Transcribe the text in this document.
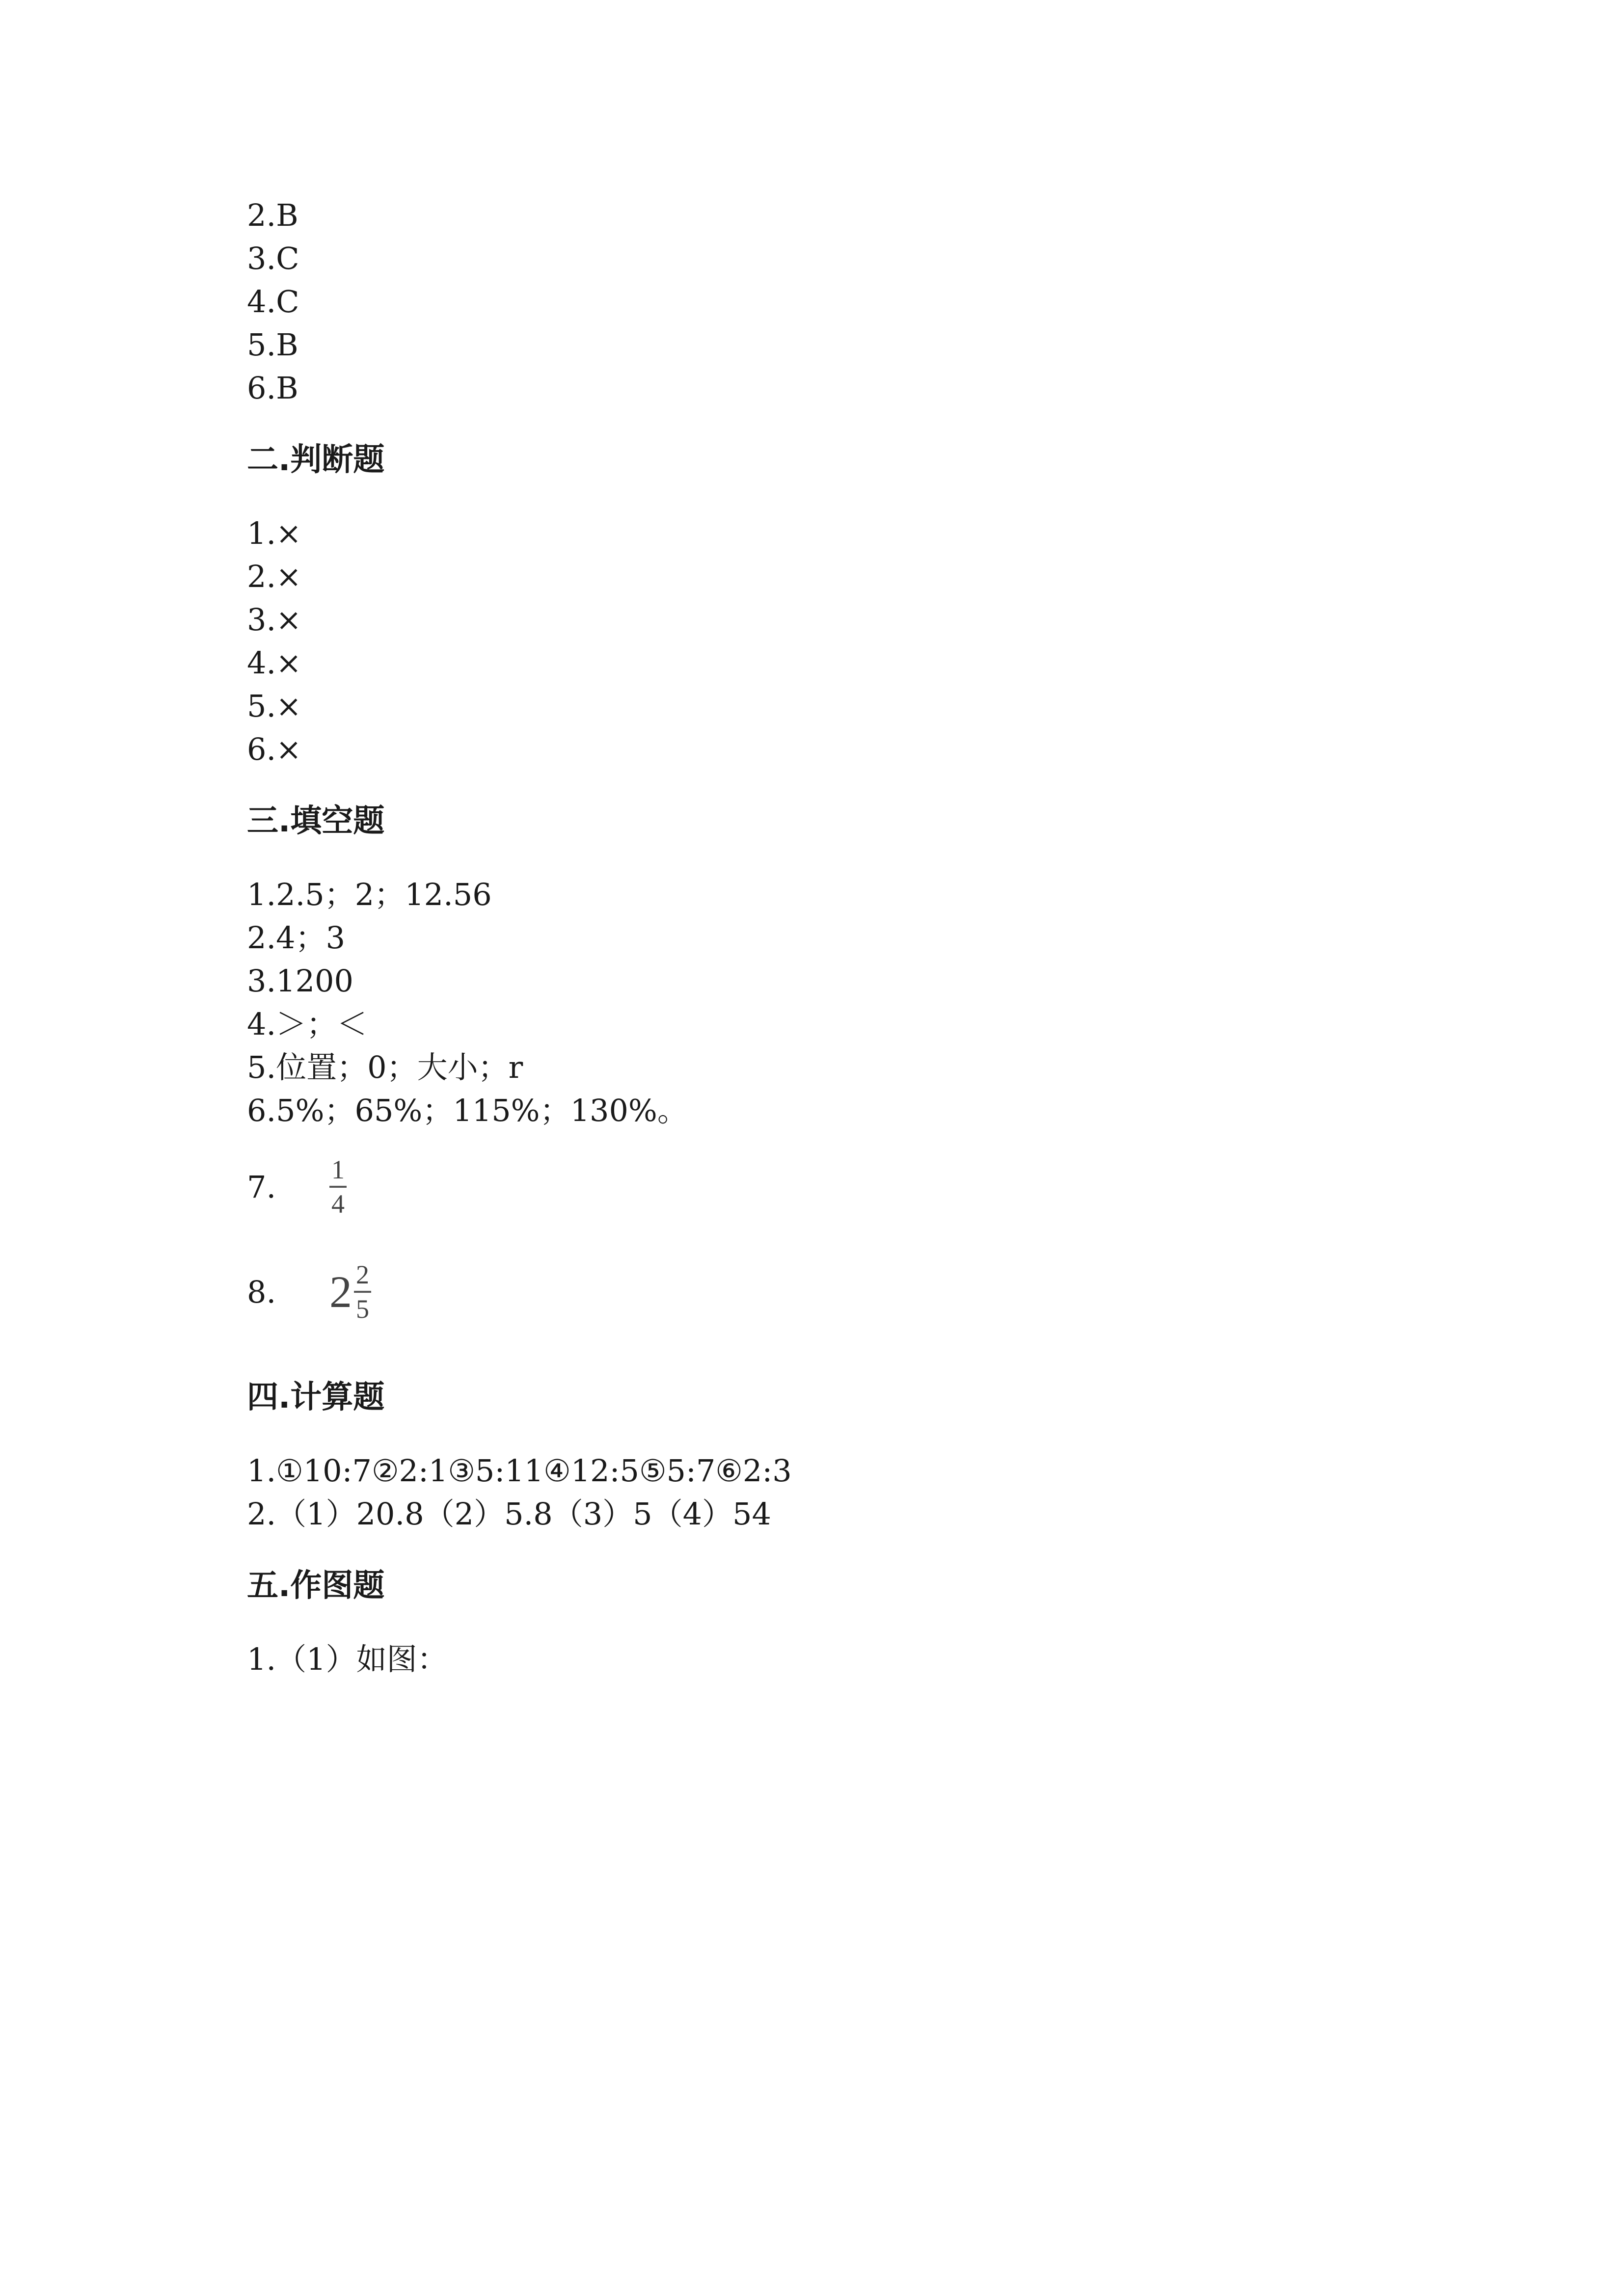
2.B
3.C
4.C
5.B
6.B
二.判断题
1.×
2.×
3.×
4.×
5.×
6.×
三.填空题
1.2.5；2；12.56
2.4；3
3.1200
4.＞；＜
5.位置；0；大小；r
6.5%；65%；115%；130%。
7.	$\frac{1}{4}$
8.	$2 \frac{2}{5}$
四.计算题
1.①10:7②2:1③5:11④12:5⑤5:7⑥2:3
2.（1）20.8（2）5.8（3）5（4）54
五.作图题
1.（1）如图：
